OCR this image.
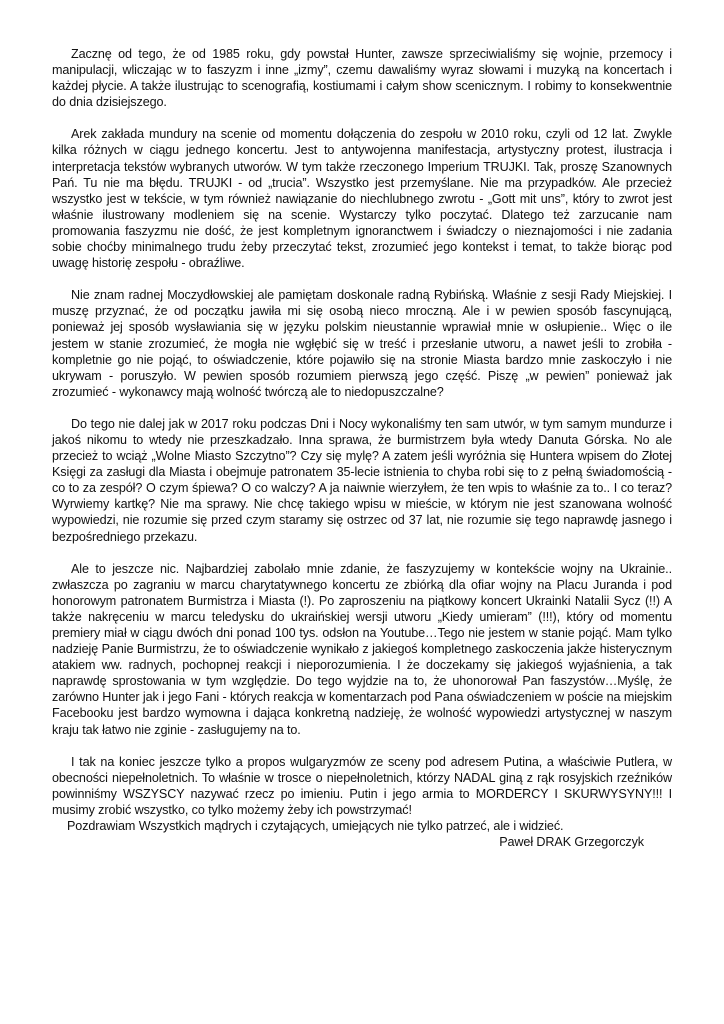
Zacznę od tego, że od 1985 roku, gdy powstał Hunter, zawsze sprzeciwialiśmy się wojnie, przemocy i manipulacji, wliczając w to faszyzm i inne „izmy”, czemu dawaliśmy wyraz słowami i muzyką na koncertach i każdej płycie. A także ilustrując to scenografią, kostiumami i całym show scenicznym. I robimy to konsekwentnie do dnia dzisiejszego.

Arek zakłada mundury na scenie od momentu dołączenia do zespołu w 2010 roku, czyli od 12 lat. Zwykle kilka różnych w ciągu jednego koncertu. Jest to antywojenna manifestacja, artystyczny protest, ilustracja i interpretacja tekstów wybranych utworów. W tym także rzeczonego Imperium TRUJKI. Tak, proszę Szanownych Pań. Tu nie ma błędu. TRUJKI - od „trucia”. Wszystko jest przemyślane. Nie ma przypadków. Ale przecież wszystko jest w tekście, w tym również nawiązanie do niechlubnego zwrotu - „Gott mit uns”, który to zwrot jest właśnie ilustrowany modleniem się na scenie. Wystarczy tylko poczytać. Dlatego też zarzucanie nam promowania faszyzmu nie dość, że jest kompletnym ignoranctwem i świadczy o nieznajomości i nie zadania sobie choćby minimalnego trudu żeby przeczytać tekst, zrozumieć jego kontekst i temat, to także biorąc pod uwagę historię zespołu - obraźliwe.

Nie znam radnej Moczydłowskiej ale pamiętam doskonale radną Rybińską. Właśnie z sesji Rady Miejskiej. I muszę przyznać, że od początku jawiła mi się osobą nieco mroczną. Ale i w pewien sposób fascynującą, ponieważ jej sposób wysławiania się w języku polskim nieustannie wprawiał mnie w osłupienie.. Więc o ile jestem w stanie zrozumieć, że mogła nie wgłębić się w treść i przesłanie utworu, a nawet jeśli to zrobiła - kompletnie go nie pojąć, to oświadczenie, które pojawiło się na stronie Miasta bardzo mnie zaskoczyło i nie ukrywam - poruszyło. W pewien sposób rozumiem pierwszą jego część. Piszę „w pewien” ponieważ jak zrozumieć - wykonawcy mają wolność twórczą ale to niedopuszczalne?

Do tego nie dalej jak w 2017 roku podczas Dni i Nocy wykonaliśmy ten sam utwór, w tym samym mundurze i jakoś nikomu to wtedy nie przeszkadzało. Inna sprawa, że burmistrzem była wtedy Danuta Górska. No ale przecież to wciąż „Wolne Miasto Szczytno”? Czy się mylę? A zatem jeśli wyróżnia się Huntera wpisem do Złotej Księgi za zasługi dla Miasta i obejmuje patronatem 35-lecie istnienia to chyba robi się to z pełną świadomością - co to za zespół? O czym śpiewa? O co walczy? A ja naiwnie wierzyłem, że ten wpis to właśnie za to.. I co teraz? Wyrwiemy kartkę? Nie ma sprawy. Nie chcę takiego wpisu w mieście, w którym nie jest szanowana wolność wypowiedzi, nie rozumie się przed czym staramy się ostrzec od 37 lat, nie rozumie się tego naprawdę jasnego i bezpośredniego przekazu.

Ale to jeszcze nic. Najbardziej zabolało mnie zdanie, że faszyzujemy w kontekście wojny na Ukrainie.. zwłaszcza po zagraniu w marcu charytatywnego koncertu ze zbiórką dla ofiar wojny na Placu Juranda i pod honorowym patronatem Burmistrza i Miasta (!). Po zaproszeniu na piątkowy koncert Ukrainki Natalii Sycz (!!) A także nakręceniu w marcu teledysku do ukraińskiej wersji utworu „Kiedy umieram” (!!!), który od momentu premiery miał w ciągu dwóch dni ponad 100 tys. odsłon na Youtube…Tego nie jestem w stanie pojąć. Mam tylko nadzieję Panie Burmistrzu, że to oświadczenie wynikało z jakiegoś kompletnego zaskoczenia jakże histerycznym atakiem ww. radnych, pochopnej reakcji i nieporozumienia. I że doczekamy się jakiegoś wyjaśnienia, a tak naprawdę sprostowania w tym względzie. Do tego wyjdzie na to, że uhonorował Pan faszystów…Myślę, że zarówno Hunter jak i jego Fani - których reakcja w komentarzach pod Pana oświadczeniem w poście na miejskim Facebooku jest bardzo wymowna i dająca konkretną nadzieję, że wolność wypowiedzi artystycznej w naszym kraju tak łatwo nie zginie - zasługujemy na to.

I tak na koniec jeszcze tylko a propos wulgaryzmów ze sceny pod adresem Putina, a właściwie Putlera, w obecności niepełnoletnich. To właśnie w trosce o niepełnoletnich, którzy NADAL giną z rąk rosyjskich rzeźników powinniśmy WSZYSCY nazywać rzecz po imieniu. Putin i jego armia to MORDERCY I SKURWYSYNY!!! I musimy zrobić wszystko, co tylko możemy żeby ich powstrzymać!

Pozdrawiam Wszystkich mądrych i czytających, umiejących nie tylko patrzeć, ale i widzieć.

Paweł DRAK Grzegorczyk
